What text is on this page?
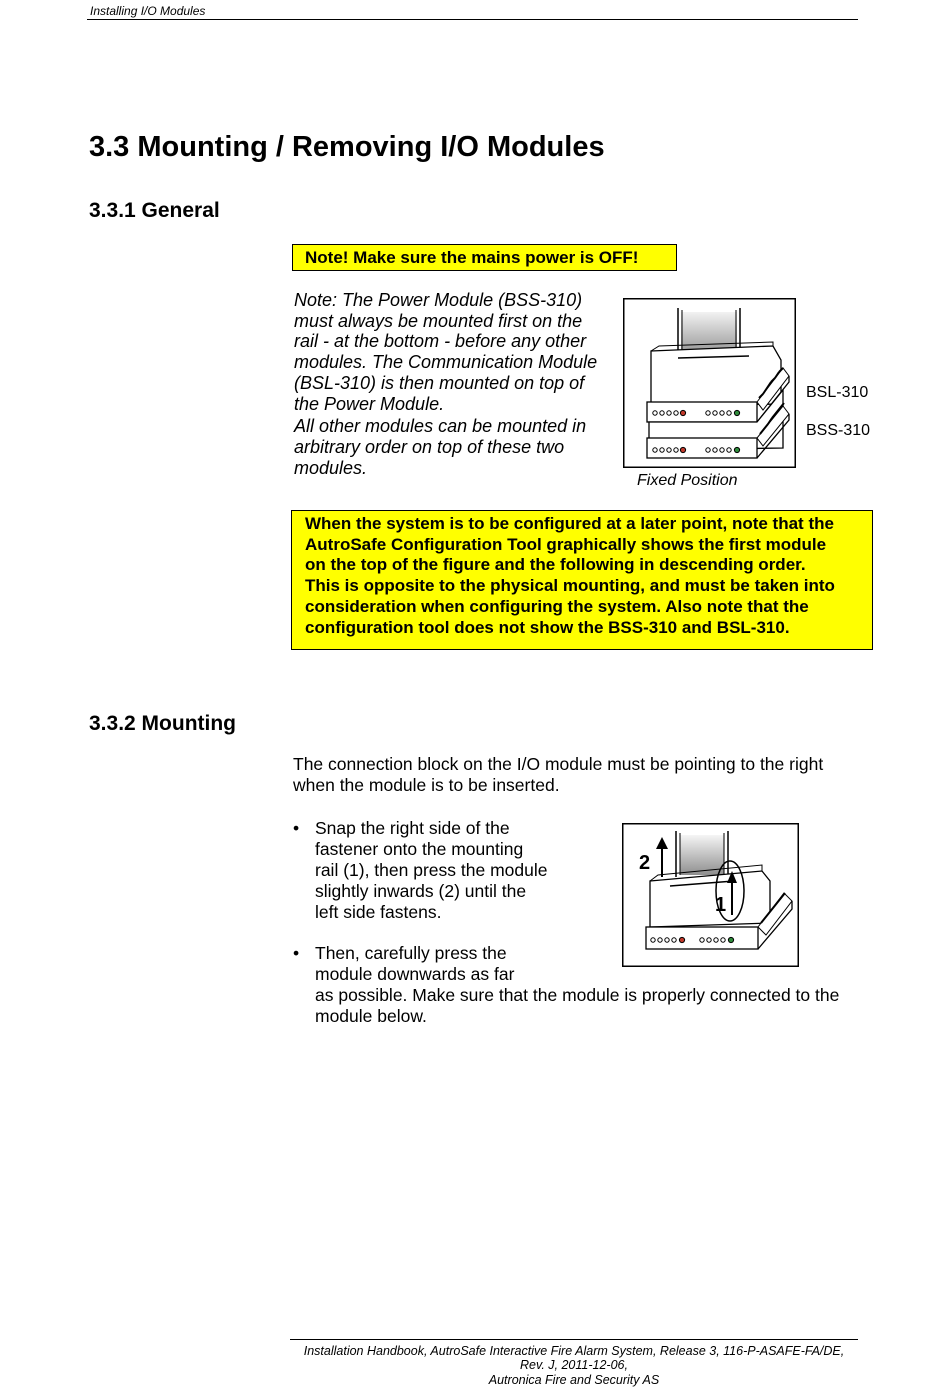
Installing I/O Modules
3.3 Mounting / Removing I/O Modules
3.3.1 General
Note! Make sure the mains power is OFF!

Note: The Power Module (BSS-310)
must always be mounted first on the
rail - at the bottom - before any other
modules. The Communication Module
(BSL-310) is then mounted on top of
the Power Module.

All other modules can be mounted in
arbitrary order on top of these two
modules.

BSL-310
BSS-310
Fixed Position
When the system is to be configured at a later point, note that the
AutroSafe Configuration Tool graphically shows the first module
on the top of the figure and the following in descending order.
This is opposite to the physical mounting, and must be taken into
consideration when configuring the system. Also note that the
configuration tool does not show the BSS-310 and BSL-310.
3.3.2 Mounting
The connection block on the I/O module must be pointing to the right
when the module is to be inserted.
• Snap the right side of the
fastener onto the mounting
rail (1), then press the module
slightly inwards (2) until the
left side fastens.
• Then, carefully press the
module downwards as far
as possible. Make sure that the module is properly connected to the
module below.
2
1
Installation Handbook, AutroSafe Interactive Fire Alarm System, Release 3, 116-P-ASAFE-FA/DE,
Rev. J, 2011-12-06,
Autronica Fire and Security AS
